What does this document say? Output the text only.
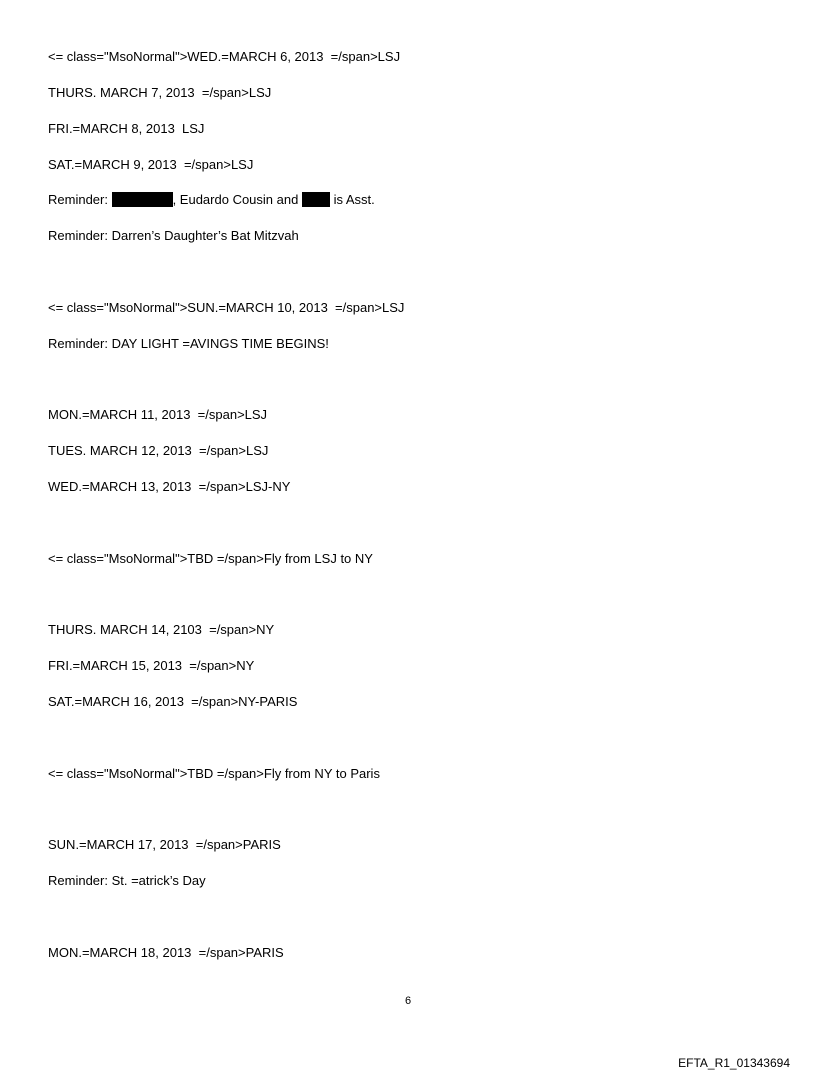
<= class="MsoNormal">WED.=MARCH 6, 2013  =/span>LSJ
THURS. MARCH 7, 2013  =/span>LSJ
FRI.=MARCH 8, 2013  LSJ
SAT.=MARCH 9, 2013  =/span>LSJ
Reminder:	, Eudardo Cousin and  is Asst.
Reminder: Darren’s Daughter’s Bat Mitzvah
<= class="MsoNormal">SUN.=MARCH 10, 2013  =/span>LSJ
Reminder: DAY LIGHT =AVINGS TIME BEGINS!
MON.=MARCH 11, 2013  =/span>LSJ
TUES. MARCH 12, 2013  =/span>LSJ
WED.=MARCH 13, 2013  =/span>LSJ-NY
<= class="MsoNormal">TBD =/span>Fly from LSJ to NY
THURS. MARCH 14, 2103  =/span>NY
FRI.=MARCH 15, 2013  =/span>NY
SAT.=MARCH 16, 2013  =/span>NY-PARIS
<= class="MsoNormal">TBD =/span>Fly from NY to Paris
SUN.=MARCH 17, 2013  =/span>PARIS
Reminder: St. =atrick’s Day
MON.=MARCH 18, 2013  =/span>PARIS
6
EFTA_R1_01343694
